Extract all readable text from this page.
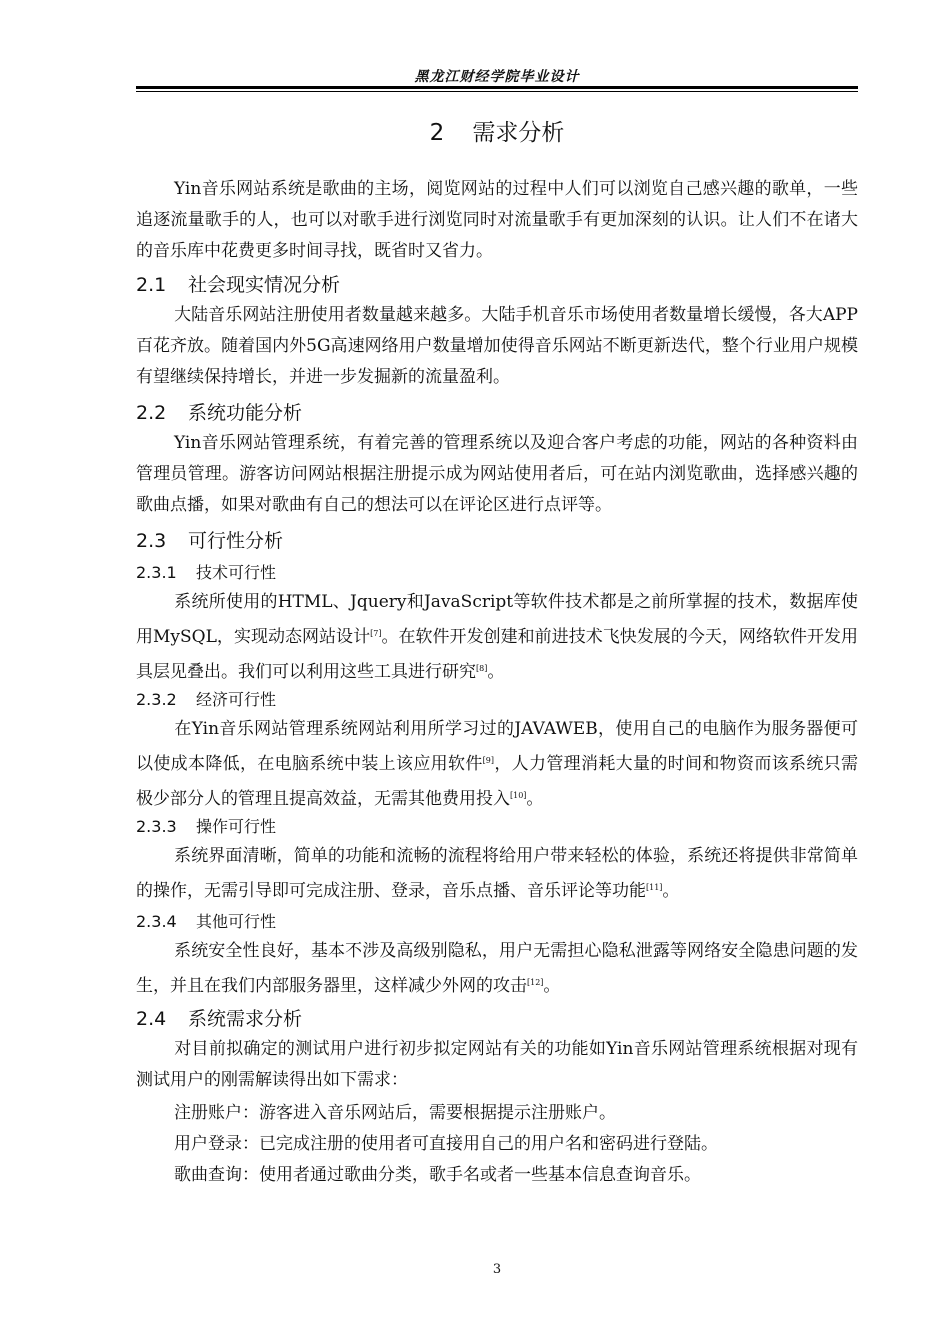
黑龙江财经学院毕业设计
2 需求分析

Yin音乐网站系统是歌曲的主场，阅览网站的过程中人们可以浏览自己感兴趣的歌单，一些追逐流量歌手的人，也可以对歌手进行浏览同时对流量歌手有更加深刻的认识。让人们不在诸大的音乐库中花费更多时间寻找，既省时又省力。

2.1 社会现实情况分析

大陆音乐网站注册使用者数量越来越多。大陆手机音乐市场使用者数量增长缓慢，各大APP百花齐放。随着国内外5G高速网络用户数量增加使得音乐网站不断更新迭代，整个行业用户规模有望继续保持增长，并进一步发掘新的流量盈利。

2.2 系统功能分析

Yin音乐网站管理系统，有着完善的管理系统以及迎合客户考虑的功能，网站的各种资料由管理员管理。游客访问网站根据注册提示成为网站使用者后，可在站内浏览歌曲，选择感兴趣的歌曲点播，如果对歌曲有自己的想法可以在评论区进行点评等。

2.3 可行性分析
2.3.1 技术可行性

系统所使用的HTML、Jquery和JavaScript等软件技术都是之前所掌握的技术，数据库使用MySQL，实现动态网站设计[7]。在软件开发创建和前进技术飞快发展的今天，网络软件开发用具层见叠出。我们可以利用这些工具进行研究[8]。

2.3.2 经济可行性

在Yin音乐网站管理系统网站利用所学习过的JAVAWEB，使用自己的电脑作为服务器便可以使成本降低，在电脑系统中装上该应用软件[9]，人力管理消耗大量的时间和物资而该系统只需极少部分人的管理且提高效益，无需其他费用投入[10]。

2.3.3 操作可行性

系统界面清晰，简单的功能和流畅的流程将给用户带来轻松的体验，系统还将提供非常简单的操作，无需引导即可完成注册、登录，音乐点播、音乐评论等功能[11]。

2.3.4 其他可行性

系统安全性良好，基本不涉及高级别隐私，用户无需担心隐私泄露等网络安全隐患问题的发生，并且在我们内部服务器里，这样减少外网的攻击[12]。

2.4 系统需求分析

对目前拟确定的测试用户进行初步拟定网站有关的功能如Yin音乐网站管理系统根据对现有测试用户的刚需解读得出如下需求：

注册账户：游客进入音乐网站后，需要根据提示注册账户。

用户登录：已完成注册的使用者可直接用自己的用户名和密码进行登陆。

歌曲查询：使用者通过歌曲分类，歌手名或者一些基本信息查询音乐。

3
